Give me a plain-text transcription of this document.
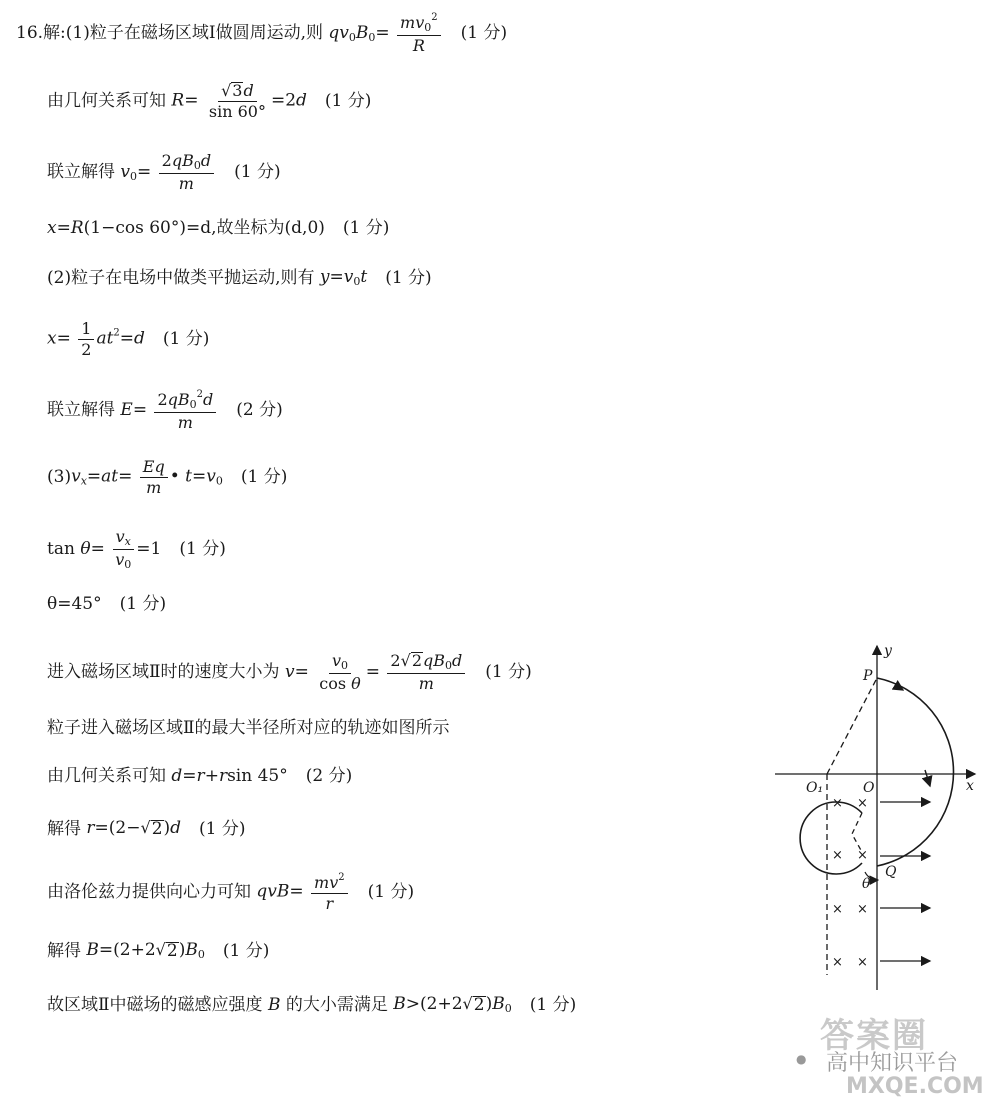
16. 解:(1)粒子在磁场区域Ⅰ做圆周运动,则 $qv_0B_0= \frac{mv_0^2}{R} (1$ 分)
由几何关系可知 $R= \frac{√ 3 d}{\sin 60^\circ} =2d$ (1 分)
联立解得 $v_0= \frac{2qB_0d}{m} (1$ 分)
x=R(1−cos 60°) =d,故坐标为(d,0) (1 分)
(2)粒子在电场中做类平抛运动,则有 $y=v_0t$ (1 分)
$x= \frac{1}{2} at^2=d$ (1 分)
联立解得 $E= \frac{2qB_0^2d}{m} (2$ 分)
(3) $v_x=at= \frac{Eq}{m}$ • $t=v_0$ (1 分)
$\tan \theta= \frac{v_x}{v_0} =1$ (1 分)
θ=45° (1 分)
进入磁场区域Ⅱ时的速度大小为 $v= \frac{v_0}{\text{cos θ}} = \frac{2 √ 2 qB_0d}{m} (1$ 分)
粒子进入磁场区域Ⅱ的最大半径所对应的轨迹如图所示
由几何关系可知 d=r+rsin 45° (2 分)
解得 r=(2− √ 2 )d (1 分)
由洛伦兹力提供向心力可知 $qvB= \frac{mv^2}{r} (1$ 分)
解得 B=(2+2 √ 2 )$B_0$ (1 分)
故区域Ⅱ中磁场的磁感应强度 B 的大小需满足 B>(2+2 √ 2 )$B_0$ (1 分)
× ×
× ×
× ×
× ×
y
x
P
O
O₁
Q
θ
答案圈
● 高中知识平台
MXQE.COM
